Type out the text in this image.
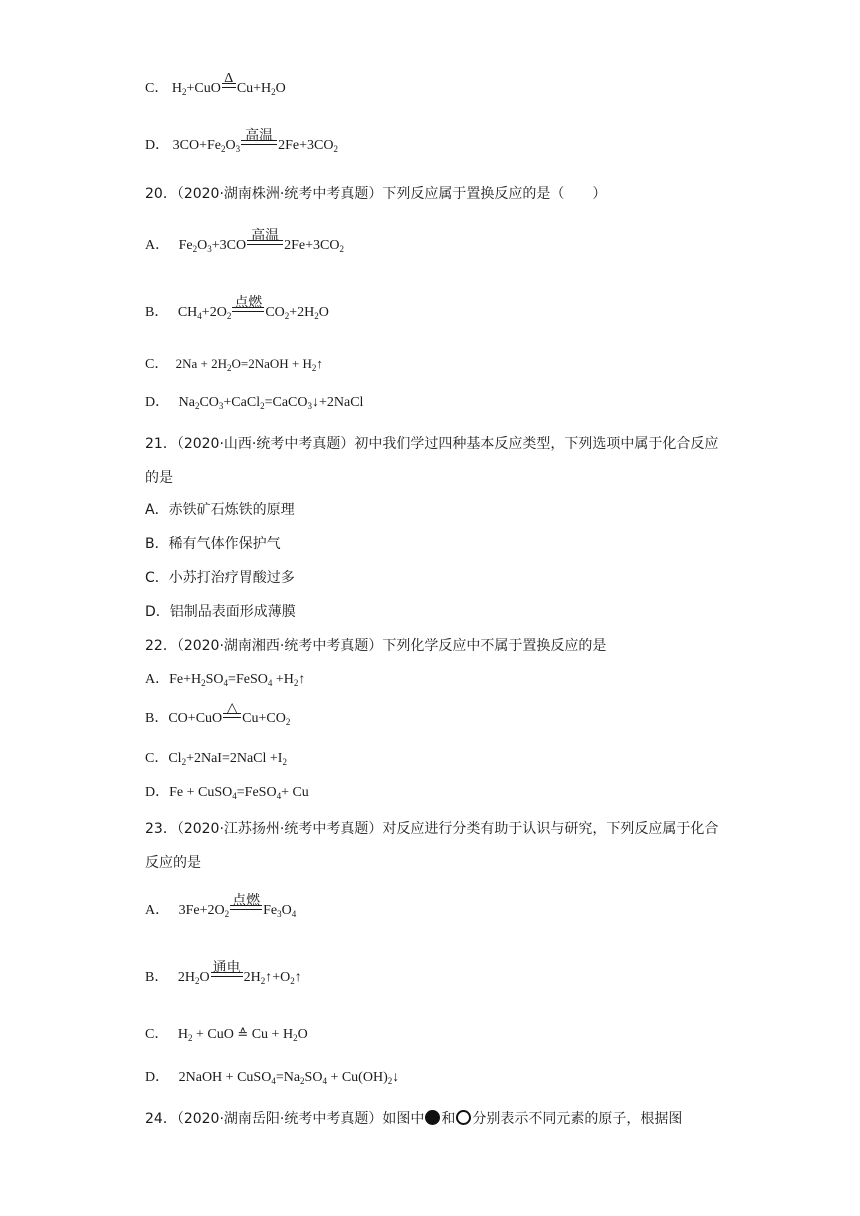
C． $H_2+CuO$
Δ
$Cu+H_2O$
D． $3CO+Fe_2O_3$
高温
$2Fe+3CO_2$
20．（2020·湖南株洲·统考中考真题）下列反应属于置换反应的是（　　）
A． $Fe_2O_3+3CO$
高温
$2Fe+3CO_2$
B． $CH_4+2O_2$
点燃
$CO_2+2H_2O$
C． $2Na + 2H_2O=2NaOH$ + $H_2↑$
D． $Na_2CO_3+CaCl_2=CaCO_3↓+2NaCl$
21．（2020·山西·统考中考真题）初中我们学过四种基本反应类型，下列选项中属于化合反应的是
A．赤铁矿石炼铁的原理
B．稀有气体作保护气
C．小苏打治疗胃酸过多
D．铝制品表面形成薄膜
22．（2020·湖南湘西·统考中考真题）下列化学反应中不属于置换反应的是
A．$Fe+H_2SO_4=FeSO_4$ $+H_2↑$
B．CO+CuO
△
$Cu+CO_2$
C．$Cl_2+2NaI=2NaCl +I_2$
D．Fe + CuSO$_4$=FeSO$_4$+ Cu
23．（2020·江苏扬州·统考中考真题）对反应进行分类有助于认识与研究，下列反应属于化合反应的是
A． $3Fe+2O_2$
点燃
$Fe_3O_4$
B． $2H_2O$
通电
$2H_2↑+O_2↑$
C． $H_2$ + CuO ≙ $Cu + H_2O$
D． 2NaOH + $CuSO_4=Na_2SO_4$ + $Cu(OH)_2↓$
24．（2020·湖南岳阳·统考中考真题）如图中 和 分别表示不同元素的原子，根据图
